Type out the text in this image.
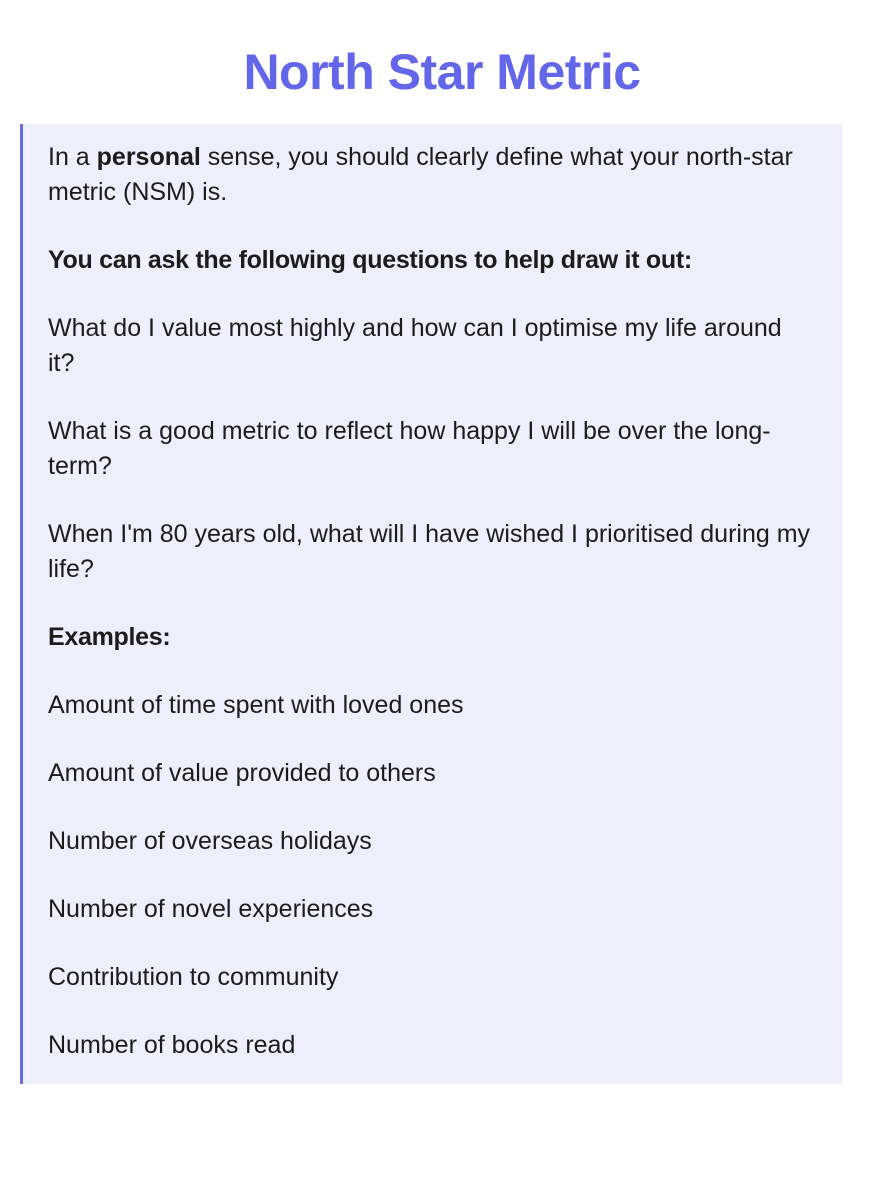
North Star Metric

In a personal sense, you should clearly define what your north-star metric (NSM) is.

You can ask the following questions to help draw it out:

What do I value most highly and how can I optimise my life around it?

What is a good metric to reflect how happy I will be over the long-term?

When I'm 80 years old, what will I have wished I prioritised during my life?

Examples:

Amount of time spent with loved ones

Amount of value provided to others

Number of overseas holidays

Number of novel experiences

Contribution to community

Number of books read
